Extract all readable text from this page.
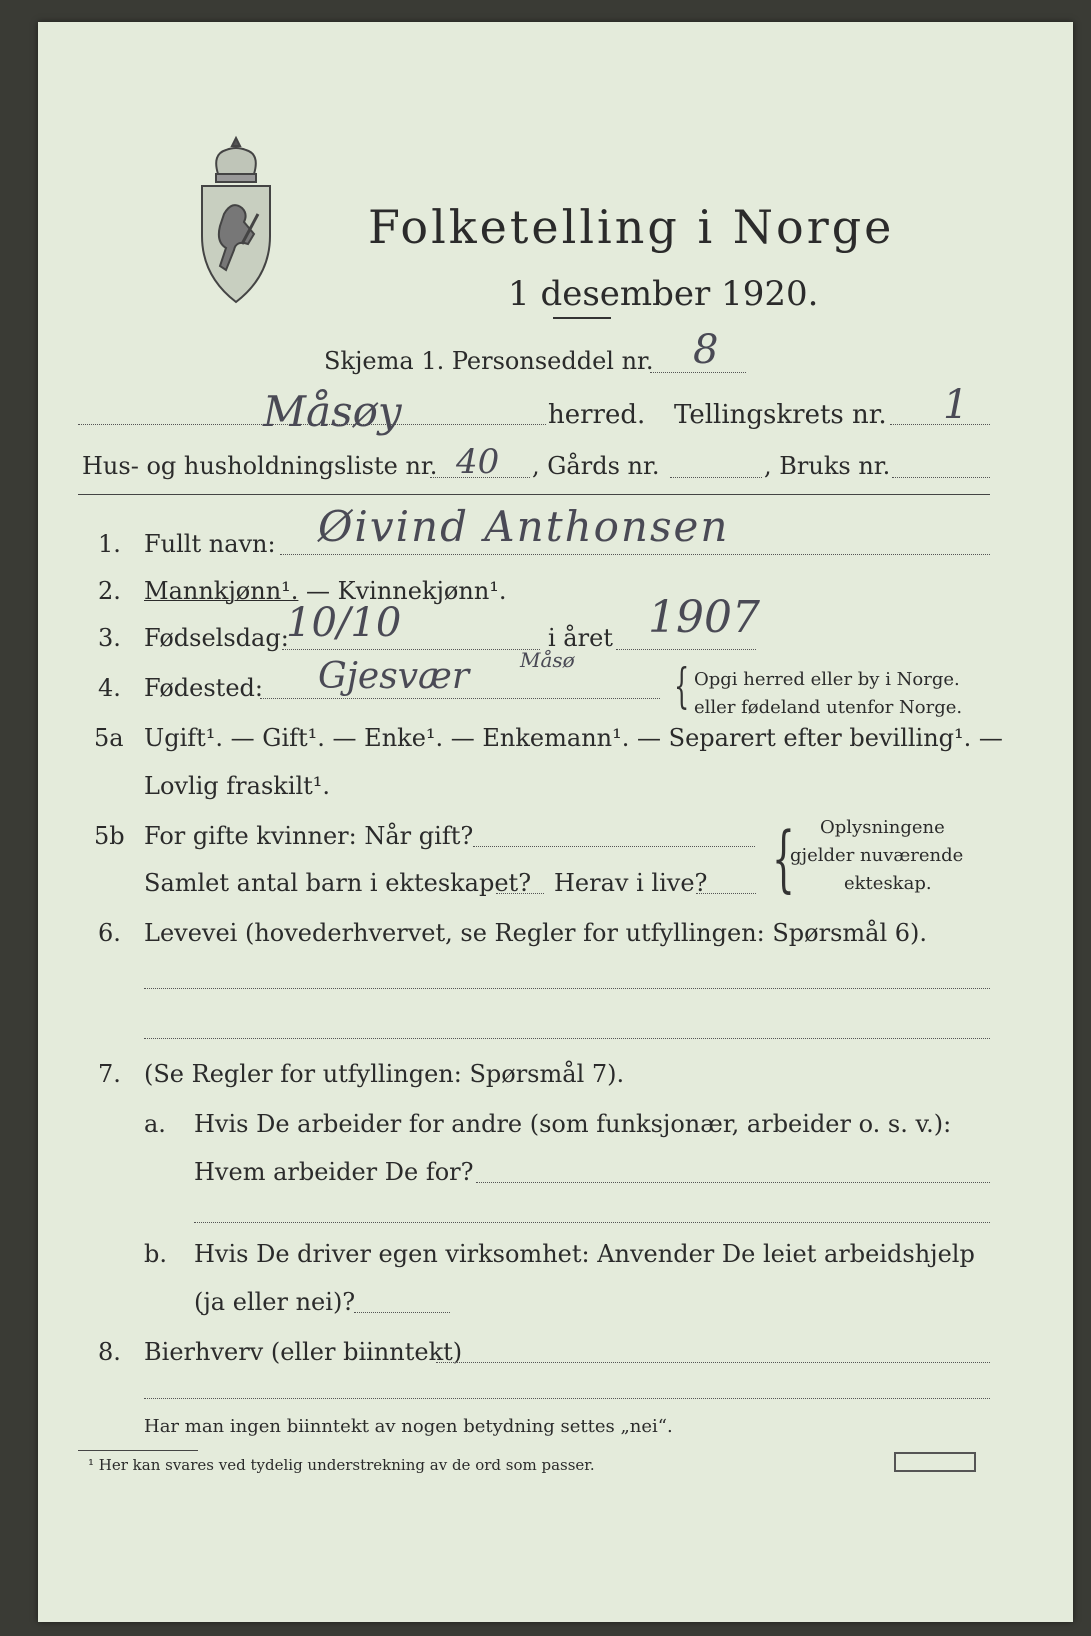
Folketelling i Norge
1 desember 1920.
Skjema 1. Personseddel nr. 8
Måsøy	herred. Tellingskrets nr. 1
Hus- og husholdningsliste nr. 40 , Gårds nr.	, Bruks nr.
1. Fullt navn: Øivind Anthonsen
2. Mannkjønn¹. — Kvinnekjønn¹.
3. Fødselsdag:
10/10	i året 1907
4. Fødested: Gjesvær	Måsø { Opgi herred eller by i Norge.
eller fødeland utenfor Norge.
5a Ugift¹. — Gift¹. — Enke¹. — Enkemann¹. — Separert efter bevilling¹. —
Lovlig fraskilt¹.
5b For gifte kvinner: Når gift?
Samlet antal barn i ekteskapet? Herav i live? { Oplysningene
gjelder nuværende
ekteskap.
6. Levevei (hovederhvervet, se Regler for utfyllingen: Spørsmål 6).
7. (Se Regler for utfyllingen: Spørsmål 7).
a. Hvis De arbeider for andre (som funksjonær, arbeider o. s. v.):
Hvem arbeider De for?
b. Hvis De driver egen virksomhet: Anvender De leiet arbeidshjelp
(ja eller nei)?
8. Bierhverv (eller biinntekt)
Har man ingen biinntekt av nogen betydning settes „nei“.
¹ Her kan svares ved tydelig understrekning av de ord som passer.
